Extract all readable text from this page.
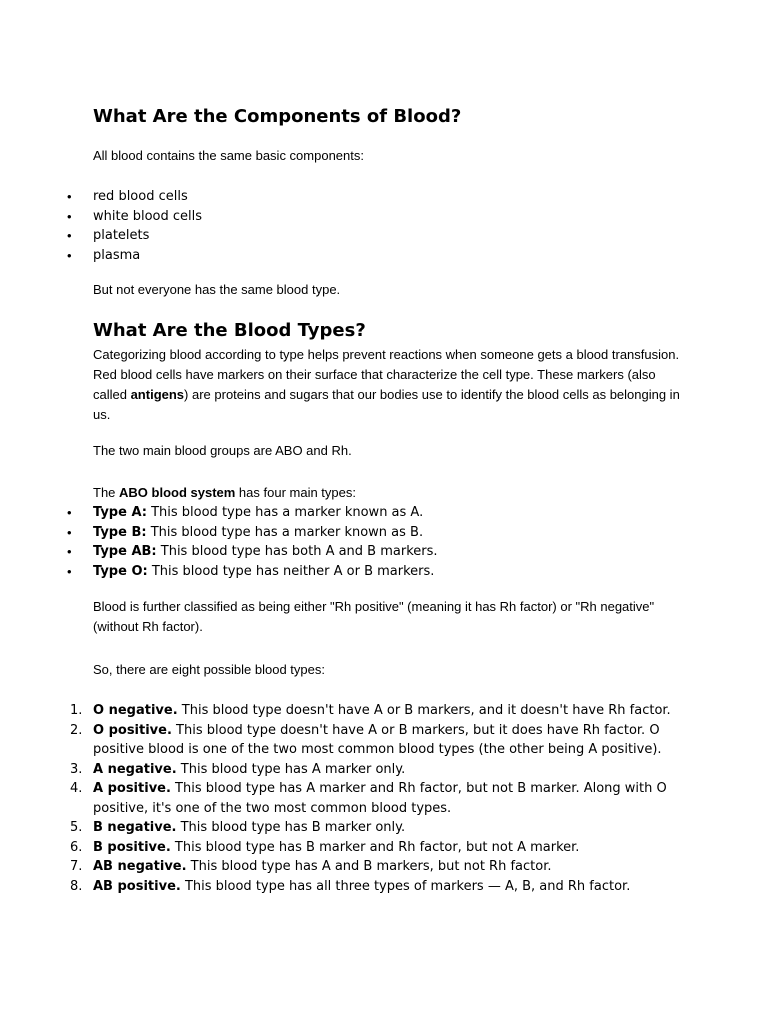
What Are the Components of Blood?

All blood contains the same basic components:

• red blood cells
• white blood cells
• platelets
• plasma

But not everyone has the same blood type.

What Are the Blood Types?

Categorizing blood according to type helps prevent reactions when someone gets a blood transfusion. Red blood cells have markers on their surface that characterize the cell type. These markers (also called antigens) are proteins and sugars that our bodies use to identify the blood cells as belonging in us.

The two main blood groups are ABO and Rh.

The ABO blood system has four main types:

• Type A: This blood type has a marker known as A.
• Type B: This blood type has a marker known as B.
• Type AB: This blood type has both A and B markers.
• Type O: This blood type has neither A or B markers.

Blood is further classified as being either "Rh positive" (meaning it has Rh factor) or "Rh negative" (without Rh factor).

So, there are eight possible blood types:

1. O negative. This blood type doesn't have A or B markers, and it doesn't have Rh factor.
2. O positive. This blood type doesn't have A or B markers, but it does have Rh factor. O positive blood is one of the two most common blood types (the other being A positive).
3. A negative. This blood type has A marker only.
4. A positive. This blood type has A marker and Rh factor, but not B marker. Along with O positive, it's one of the two most common blood types.
5. B negative. This blood type has B marker only.
6. B positive. This blood type has B marker and Rh factor, but not A marker.
7. AB negative. This blood type has A and B markers, but not Rh factor.
8. AB positive. This blood type has all three types of markers — A, B, and Rh factor.
